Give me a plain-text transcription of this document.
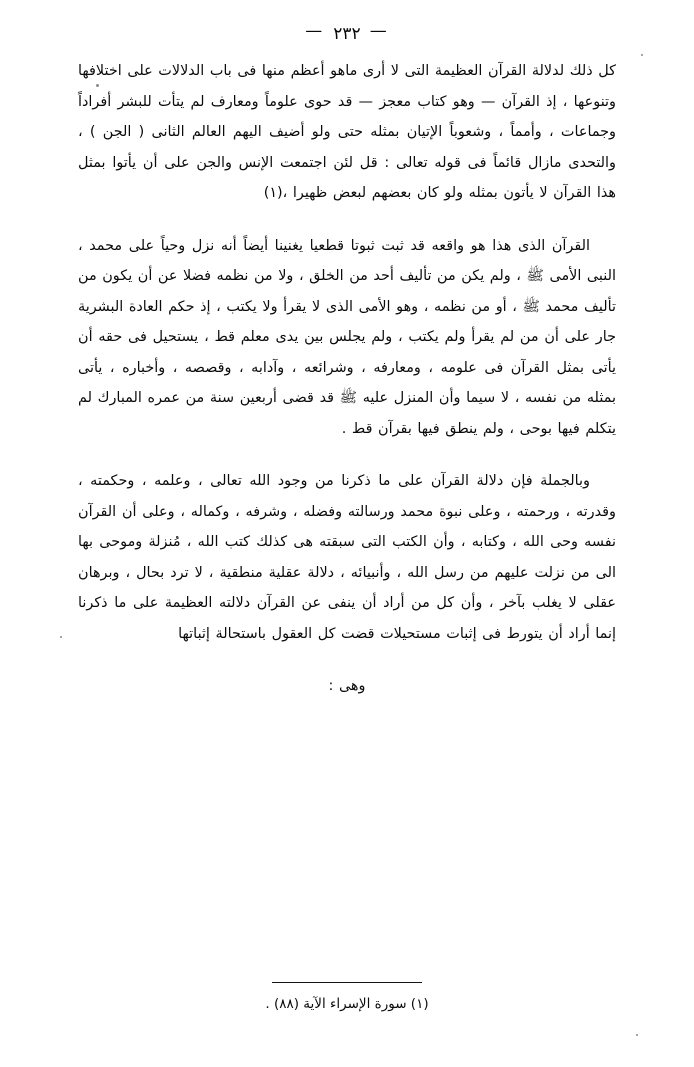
—٢٣٢—

كل ذلك لدلالة القرآن العظيمة التى لا أرى ماهو أعظم منها فى باب الدلالات على اختلافها وتنوعها ، إذ القرآن — وهو كتاب معجز — قد حوى علوماً ومعارف لم يتأت للبشر أفراداً وجماعات ، وأمماً ، وشعوباً الإتيان بمثله حتى ولو أضيف اليهم العالم الثانى ( الجن ) ، والتحدى مازال قائماً فى قوله تعالى : قل لئن اجتمعت الإنس والجن على أن يأتوا بمثل هذا القرآن لا يأتون بمثله ولو كان بعضهم لبعض ظهيرا ،(١)

القرآن الذى هذا هو واقعه قد ثبت ثبوتا قطعيا يغنينا أيضاً أنه نزل وحياً على محمد ، النبى الأمى ﷺ ، ولم يكن من تأليف أحد من الخلق ، ولا من نظمه فضلا عن أن يكون من تأليف محمد ﷺ ، أو من نظمه ، وهو الأمى الذى لا يقرأ ولا يكتب ، إذ حكم العادة البشرية جار على أن من لم يقرأ ولم يكتب ، ولم يجلس بين يدى معلم قط ، يستحيل فى حقه أن يأتى بمثل القرآن فى علومه ، ومعارفه ، وشرائعه ، وآدابه ، وقصصه ، وأخباره ، يأتى بمثله من نفسه ، لا سيما وأن المنزل عليه ﷺ قد قضى أربعين سنة من عمره المبارك لم يتكلم فيها بوحى ، ولم ينطق فيها بقرآن قط .

وبالجملة فإن دلالة القرآن على ما ذكرنا من وجود الله تعالى ، وعلمه ، وحكمته ، وقدرته ، ورحمته ، وعلى نبوة محمد ورسالته وفضله ، وشرفه ، وكماله ، وعلى أن القرآن نفسه وحى الله ، وكتابه ، وأن الكتب التى سبقته هى كذلك كتب الله ، مُنزلة وموحى بها الى من نزلت عليهم من رسل الله ، وأنبيائه ، دلالة عقلية منطقية ، لا ترد بحال ، وبرهان عقلى لا يغلب بآخر ، وأن كل من أراد أن ينفى عن القرآن دلالته العظيمة على ما ذكرنا إنما أراد أن يتورط فى إثبات مستحيلات قضت كل العقول باستحالة إثباتها

وهى :

(١) سورة الإسراء الآية (٨٨) .
